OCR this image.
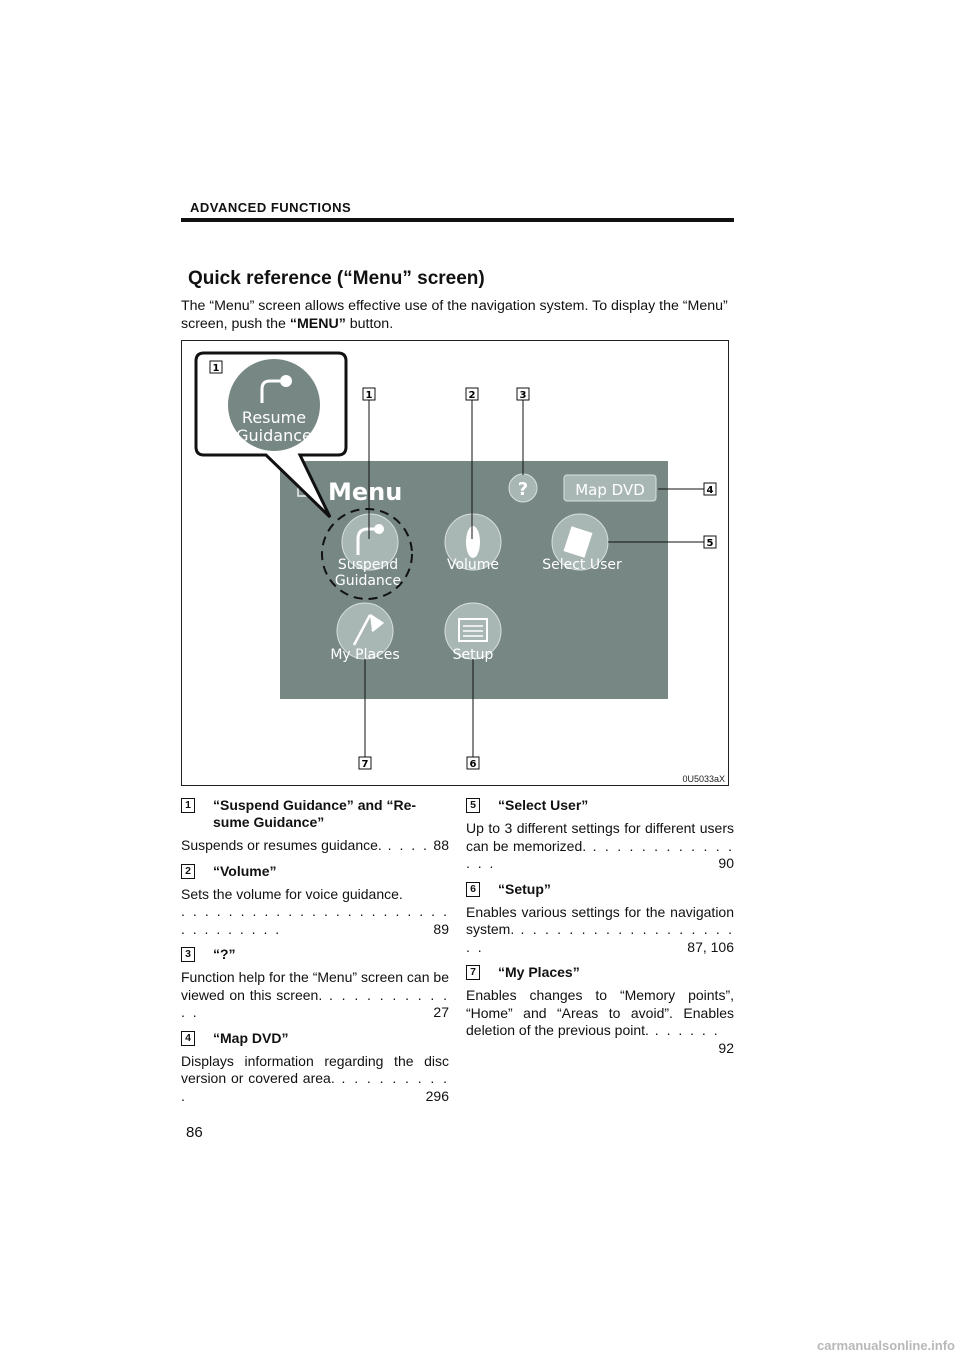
ADVANCED FUNCTIONS
Quick reference (“Menu” screen)
The “Menu” screen allows effective use of the navigation system. To display the “Menu” screen, push the “MENU” button.
Menu	?	Map DVD
Suspend
Guidance
Volume	Select User
My Places	Setup
Resume
Guidance
1
1	2	3
4
5
6
7
0U5033aX
1 “Suspend Guidance” and “Re-sume Guidance”
Suspends or resumes guidance. . . . . 88
2 “Volume”
Sets the volume for voice guidance.
. . . . . . . . . . . . . . . . . . . . . . . . . . . . . . . .	89
3 “?”
Function help for the “Menu” screen can be viewed on this screen. . . . . . . . . . . . .	27
4 “Map DVD”
Displays information regarding the disc version or covered area. . . . . . . . . . .	296
5 “Select User”
Up to 3 different settings for different users can be memorized. . . . . . . . . . . . . . . .	90
6 “Setup”
Enables various settings for the navigation system. . . . . . . . . . . . . . . . . . . . .	87, 106
7 “My Places”
Enables changes to “Memory points”, “Home” and “Areas to avoid”. Enables deletion of the previous point. . . . . . .
92
86
carmanualsonline.info
